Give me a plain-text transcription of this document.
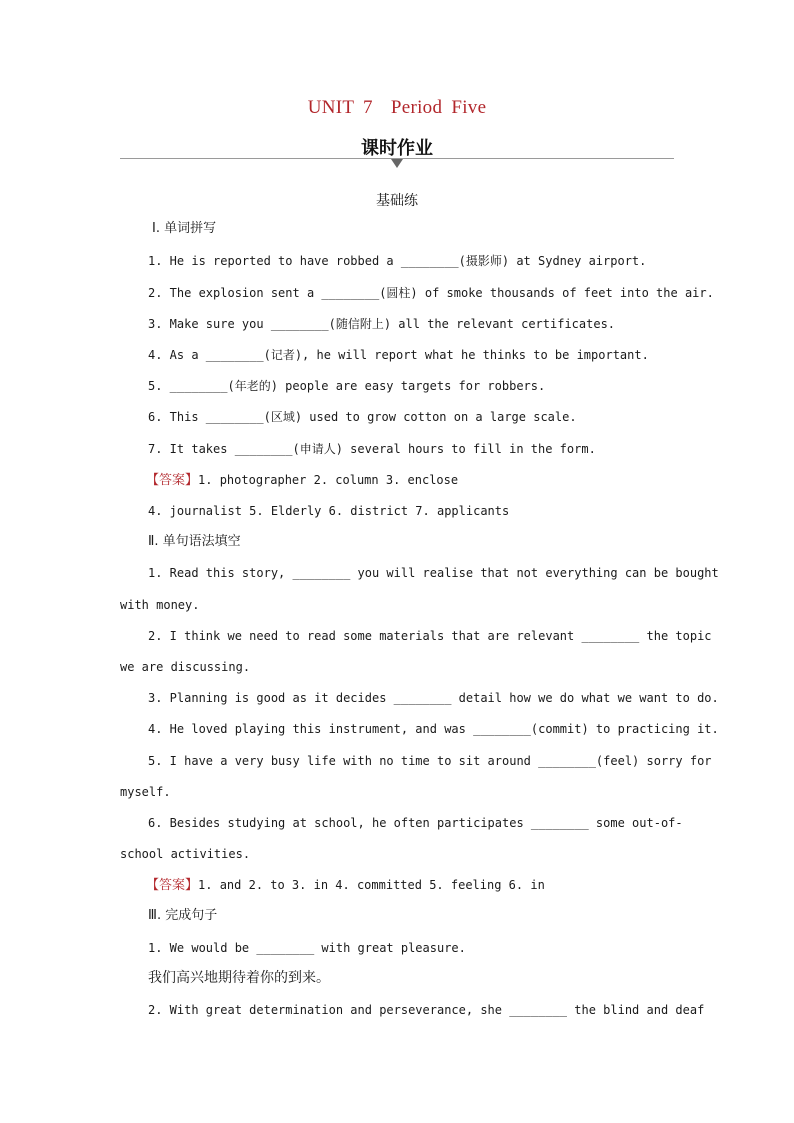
UNIT 7  Period Five
课时作业
基础练
Ⅰ. 单词拼写
1. He is reported to have robbed a ________(摄影师) at Sydney airport.
2. The explosion sent a ________(圆柱) of smoke thousands of feet into the air.
3. Make sure you ________(随信附上) all the relevant certificates.
4. As a ________(记者), he will report what he thinks to be important.
5. ________(年老的) people are easy targets for robbers.
6. This ________(区域) used to grow cotton on a large scale.
7. It takes ________(申请人) several hours to fill in the form.
【答案】1. photographer 2. column 3. enclose
4. journalist 5. Elderly 6. district 7. applicants
Ⅱ. 单句语法填空
1. Read this story, ________ you will realise that not everything can be bought
with money.
2. I think we need to read some materials that are relevant ________ the topic
we are discussing.
3. Planning is good as it decides ________ detail how we do what we want to do.
4. He loved playing this instrument, and was ________(commit) to practicing it.
5. I have a very busy life with no time to sit around ________(feel) sorry for
myself.
6. Besides studying at school, he often participates ________ some out-of-
school activities.
【答案】1. and 2. to 3. in 4. committed 5. feeling 6. in
Ⅲ. 完成句子
1. We would be ________ with great pleasure.
我们高兴地期待着你的到来。
2. With great determination and perseverance, she ________ the blind and deaf
